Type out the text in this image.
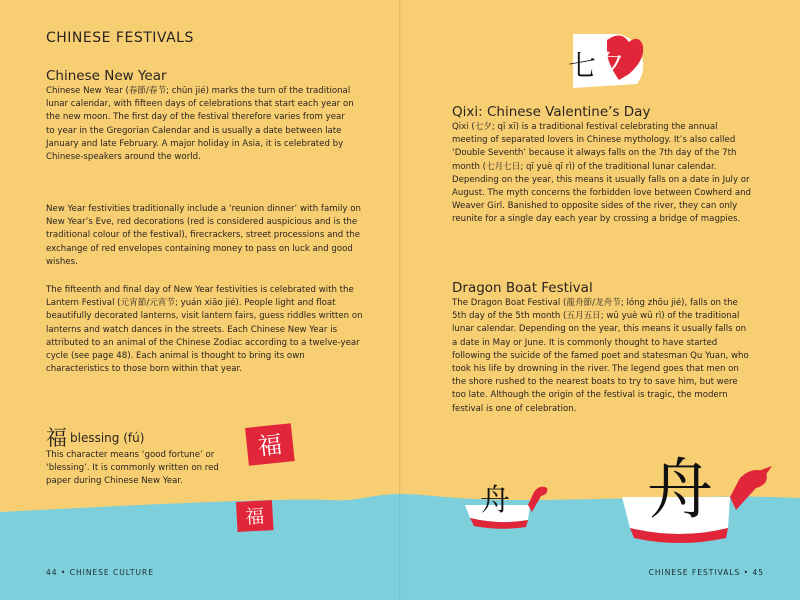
福
福	舟 舟
CHINESE FESTIVALS
Chinese New Year

Chinese New Year (春節/春节; chūn jié) marks the turn of the traditional lunar calendar, with fifteen days of celebrations that start each year on the new moon. The first day of the festival therefore varies from year to year in the Gregorian Calendar and is usually a date between late January and late February. A major holiday in Asia, it is celebrated by Chinese-speakers around the world.

New Year festivities traditionally include a ‘reunion dinner’ with family on New Year’s Eve, red decorations (red is considered auspicious and is the traditional colour of the festival), firecrackers, street processions and the exchange of red envelopes containing money to pass on luck and good wishes.

The fifteenth and final day of New Year festivities is celebrated with the Lantern Festival (元宵節/元宵节; yuán xiāo jié). People light and float beautifully decorated lanterns, visit lantern fairs, guess riddles written on lanterns and watch dances in the streets. Each Chinese New Year is attributed to an animal of the Chinese Zodiac according to a twelve-year cycle (see page 48). Each animal is thought to bring its own characteristics to those born within that year.

福blessing (fú)

This character means ‘good fortune’ or ‘blessing’. It is commonly written on red paper during Chinese New Year.

44 • CHINESE CULTURE
七夕
Qixi: Chinese Valentine’s Day

Qixi (七夕; qī xī) is a traditional festival celebrating the annual meeting of separated lovers in Chinese mythology. It’s also called ‘Double Seventh’ because it always falls on the 7th day of the 7th month (七月七日; qī yuè qī rì) of the traditional lunar calendar. Depending on the year, this means it usually falls on a date in July or August. The myth concerns the forbidden love between Cowherd and Weaver Girl. Banished to opposite sides of the river, they can only reunite for a single day each year by crossing a bridge of magpies.

Dragon Boat Festival

The Dragon Boat Festival (龍舟節/龙舟节; lóng zhōu jié), falls on the 5th day of the 5th month (五月五日; wǔ yuè wǔ rì) of the traditional lunar calendar. Depending on the year, this means it usually falls on a date in May or June. It is commonly thought to have started following the suicide of the famed poet and statesman Qu Yuan, who took his life by drowning in the river. The legend goes that men on the shore rushed to the nearest boats to try to save him, but were too late. Although the origin of the festival is tragic, the modern festival is one of celebration.

CHINESE FESTIVALS • 45
